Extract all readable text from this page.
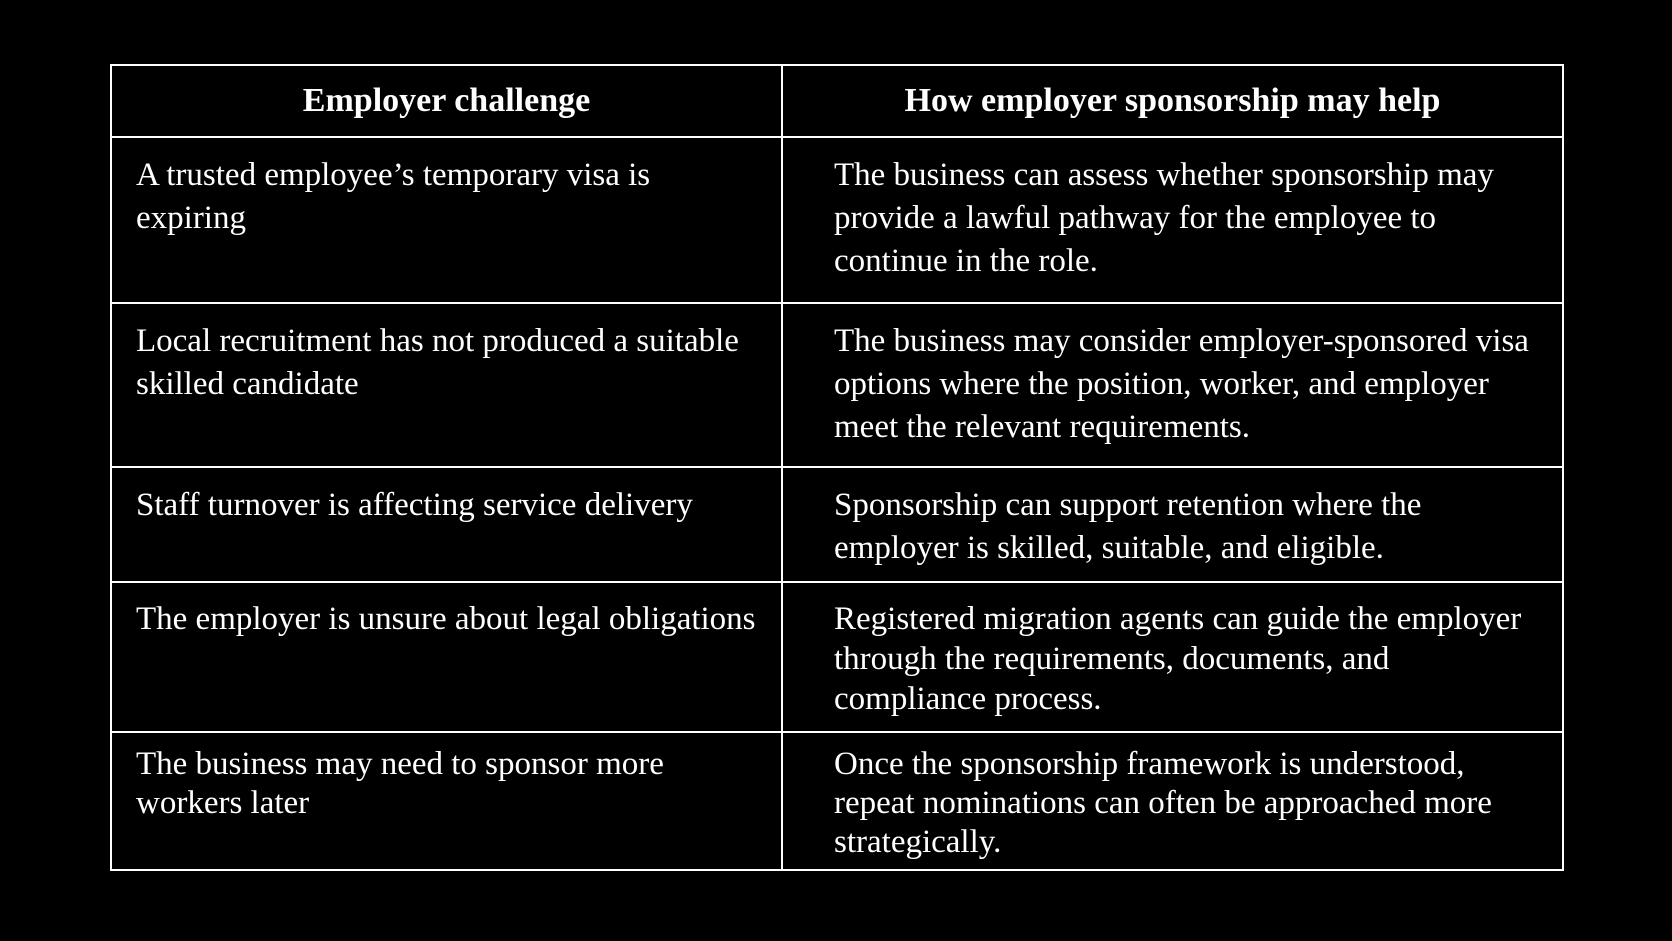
Employer challenge	How employer sponsorship may help
A trusted employee’s temporary visa is expiring	The business can assess whether sponsorship may provide a lawful pathway for the employee to continue in the role.
Local recruitment has not produced a suitable skilled candidate	The business may consider employer-sponsored visa options where the position, worker, and employer meet the relevant requirements.
Staff turnover is affecting service delivery	Sponsorship can support retention where the employer is skilled, suitable, and eligible.
The employer is unsure about legal obligations	Registered migration agents can guide the employer through the requirements, documents, and compliance process.
The business may need to sponsor more workers later	Once the sponsorship framework is understood, repeat nominations can often be approached more strategically.
